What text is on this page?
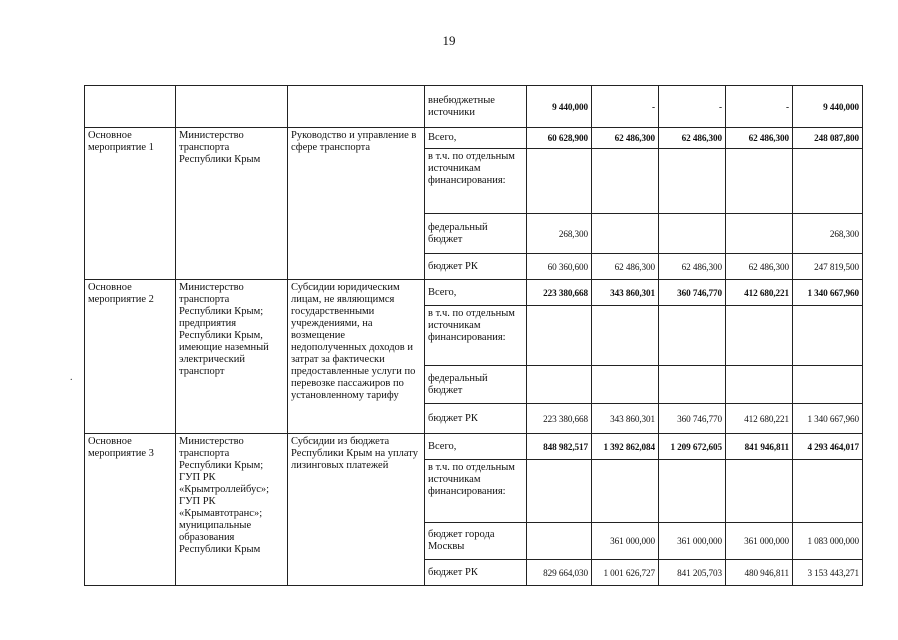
19
.
			внебюджетные источники	9 440,000	-	-	-	9 440,000
Основное мероприятие 1	Министерство транспорта Республики Крым	Руководство и управление в сфере транспорта	Всего,	60 628,900	62 486,300	62 486,300	62 486,300	248 087,800
			в т.ч. по отдельным источникам финансирования:					
			федеральный бюджет	268,300				268,300
			бюджет РК	60 360,600	62 486,300	62 486,300	62 486,300	247 819,500
Основное мероприятие 2	Министерство транспорта Республики Крым; предприятия Республики Крым, имеющие наземный электрический транспорт	Субсидии юридическим лицам, не являющимся государственными учреждениями, на возмещение недополученных доходов и затрат за фактически предоставленные услуги по перевозке пассажиров по установленному тарифу	Всего,	223 380,668	343 860,301	360 746,770	412 680,221	1 340 667,960
			в т.ч. по отдельным источникам финансирования:					
			федеральный бюджет					
			бюджет РК	223 380,668	343 860,301	360 746,770	412 680,221	1 340 667,960
Основное мероприятие 3	Министерство транспорта Республики Крым; ГУП РК «Крымтроллейбус»; ГУП РК «Крымавтотранс»; муниципальные образования Республики Крым	Субсидии из бюджета Республики Крым на уплату лизинговых платежей	Всего,	848 982,517	1 392 862,084	1 209 672,605	841 946,811	4 293 464,017
			в т.ч. по отдельным источникам финансирования:					
			бюджет города Москвы		361 000,000	361 000,000	361 000,000	1 083 000,000
			бюджет РК	829 664,030	1 001 626,727	841 205,703	480 946,811	3 153 443,271
